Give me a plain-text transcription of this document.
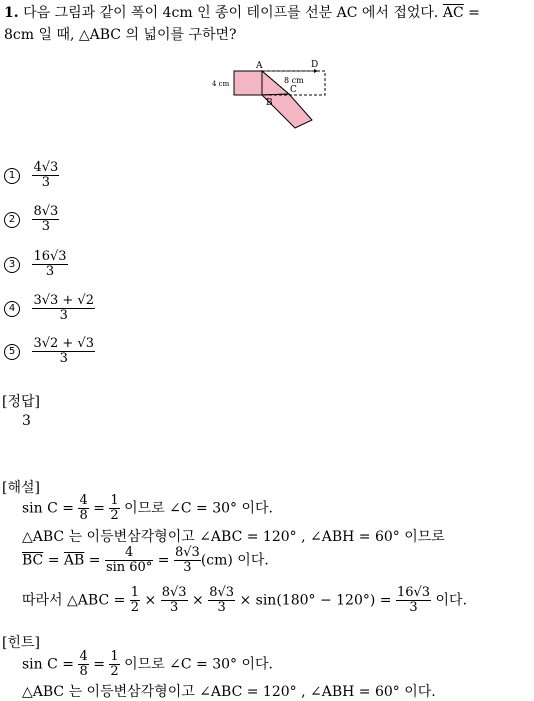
1. 다음 그림과 같이 폭이 4cm 인 종이 테이프를 선분 AC 에서 접었다. $\overline{AC}$ =
8cm 일 때, △ABC 의 넓이를 구하면?
A	D
C
B
4 cm	8 cm
$1 \frac{4√3}{3}$
$2 \frac{8√3}{3}$
$3 \frac{16√3}{3}$
$4 \frac{3√3 + √2}{3}$
$5 \frac{3√2 + √3}{3}$
[정답]
3
[해설]
$\sin C = \frac{4}{8} = \frac{1}{2}$ 이므로 ∠C = 30° 이다.
△ABC 는 이등변삼각형이고 ∠ABC = 120° , ∠ABH = 60° 이므로
$\overline{BC} = \overline{AB} = \frac{4}{\sin 60^\circ} = \frac{8√3}{3} (cm)$ 이다.
따라서 △ABC = $\frac{1}{2} \times \frac{8√3}{3} \times \frac{8√3}{3} \times \sin(180^\circ - 120^\circ) = \frac{16√3}{3}$ 이다.
[힌트]
$\sin C = \frac{4}{8} = \frac{1}{2}$ 이므로 ∠C = 30° 이다.
△ABC 는 이등변삼각형이고 ∠ABC = 120° , ∠ABH = 60° 이다.
